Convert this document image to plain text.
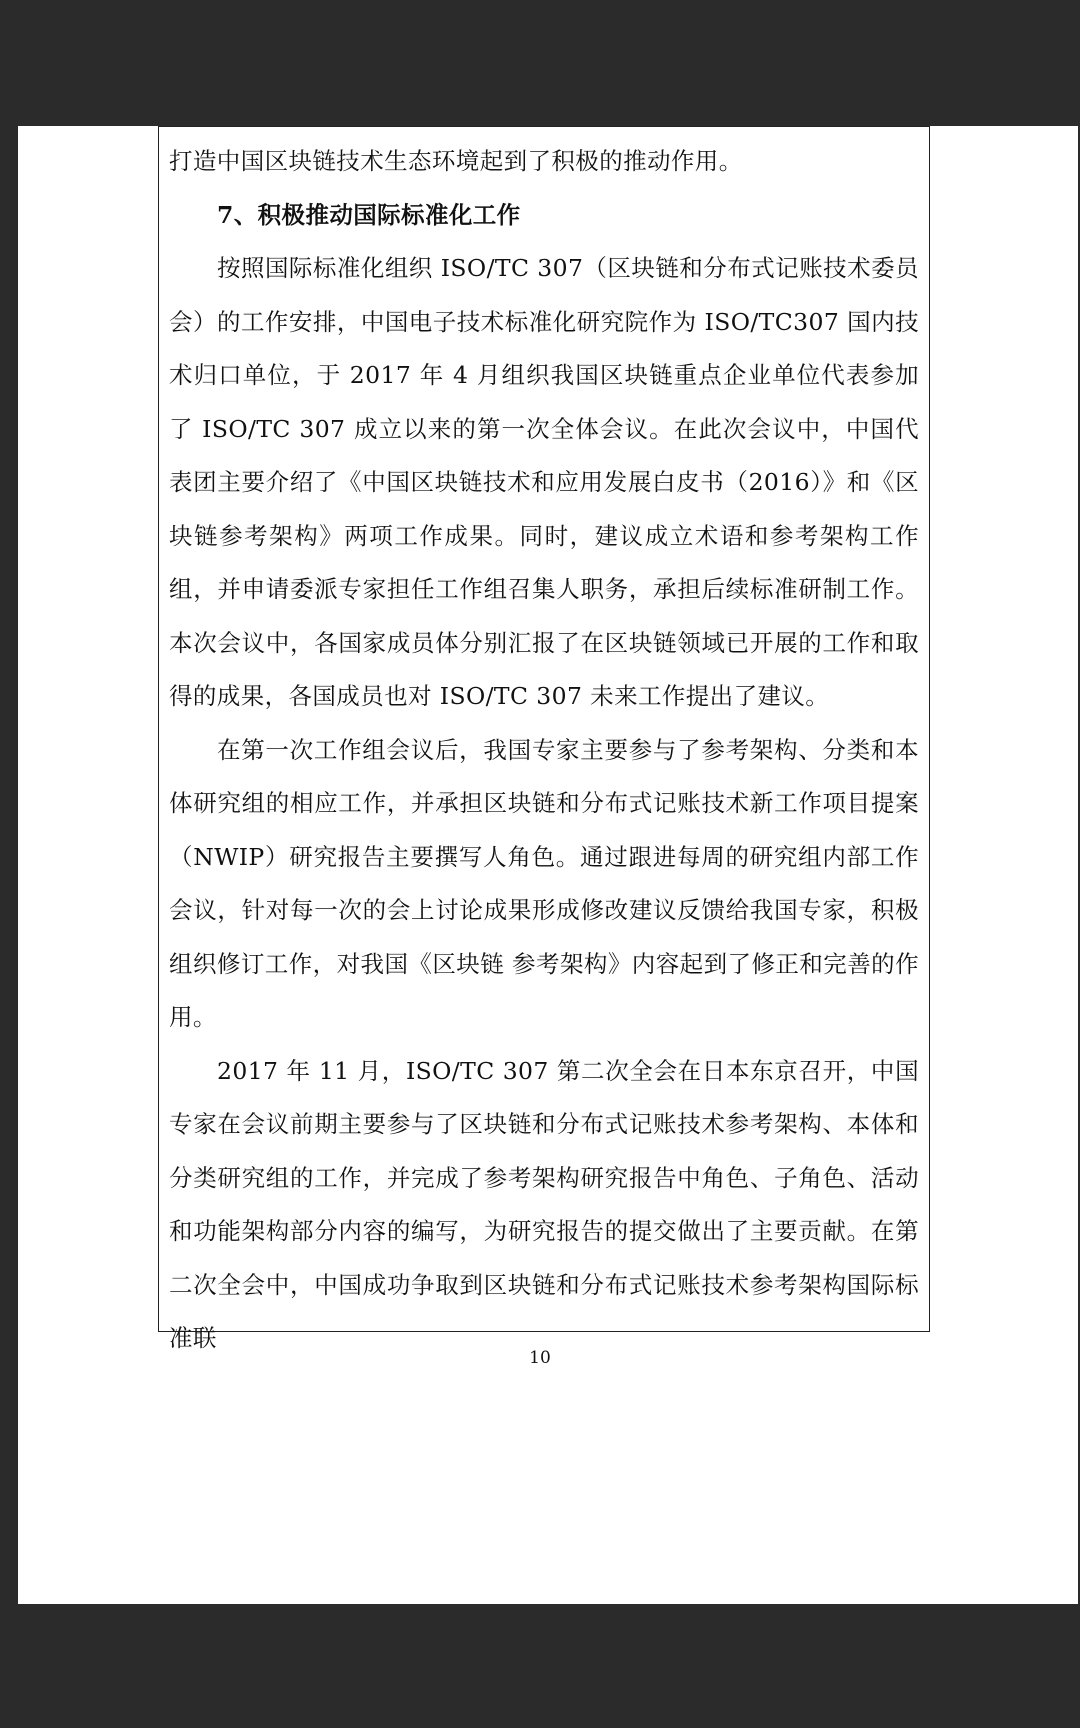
打造中国区块链技术生态环境起到了积极的推动作用。

7、积极推动国际标准化工作

按照国际标准化组织 ISO/TC 307（区块链和分布式记账技术委员会）的工作安排，中国电子技术标准化研究院作为 ISO/TC307 国内技术归口单位，于 2017 年 4 月组织我国区块链重点企业单位代表参加了 ISO/TC 307 成立以来的第一次全体会议。在此次会议中，中国代表团主要介绍了《中国区块链技术和应用发展白皮书（2016）》和《区块链参考架构》两项工作成果。同时，建议成立术语和参考架构工作组，并申请委派专家担任工作组召集人职务，承担后续标准研制工作。本次会议中，各国家成员体分别汇报了在区块链领域已开展的工作和取得的成果，各国成员也对 ISO/TC 307 未来工作提出了建议。

在第一次工作组会议后，我国专家主要参与了参考架构、分类和本体研究组的相应工作，并承担区块链和分布式记账技术新工作项目提案（NWIP）研究报告主要撰写人角色。通过跟进每周的研究组内部工作会议，针对每一次的会上讨论成果形成修改建议反馈给我国专家，积极组织修订工作，对我国《区块链 参考架构》内容起到了修正和完善的作用。

2017 年 11 月，ISO/TC 307 第二次全会在日本东京召开，中国专家在会议前期主要参与了区块链和分布式记账技术参考架构、本体和分类研究组的工作，并完成了参考架构研究报告中角色、子角色、活动和功能架构部分内容的编写，为研究报告的提交做出了主要贡献。在第二次全会中，中国成功争取到区块链和分布式记账技术参考架构国际标准联

10
